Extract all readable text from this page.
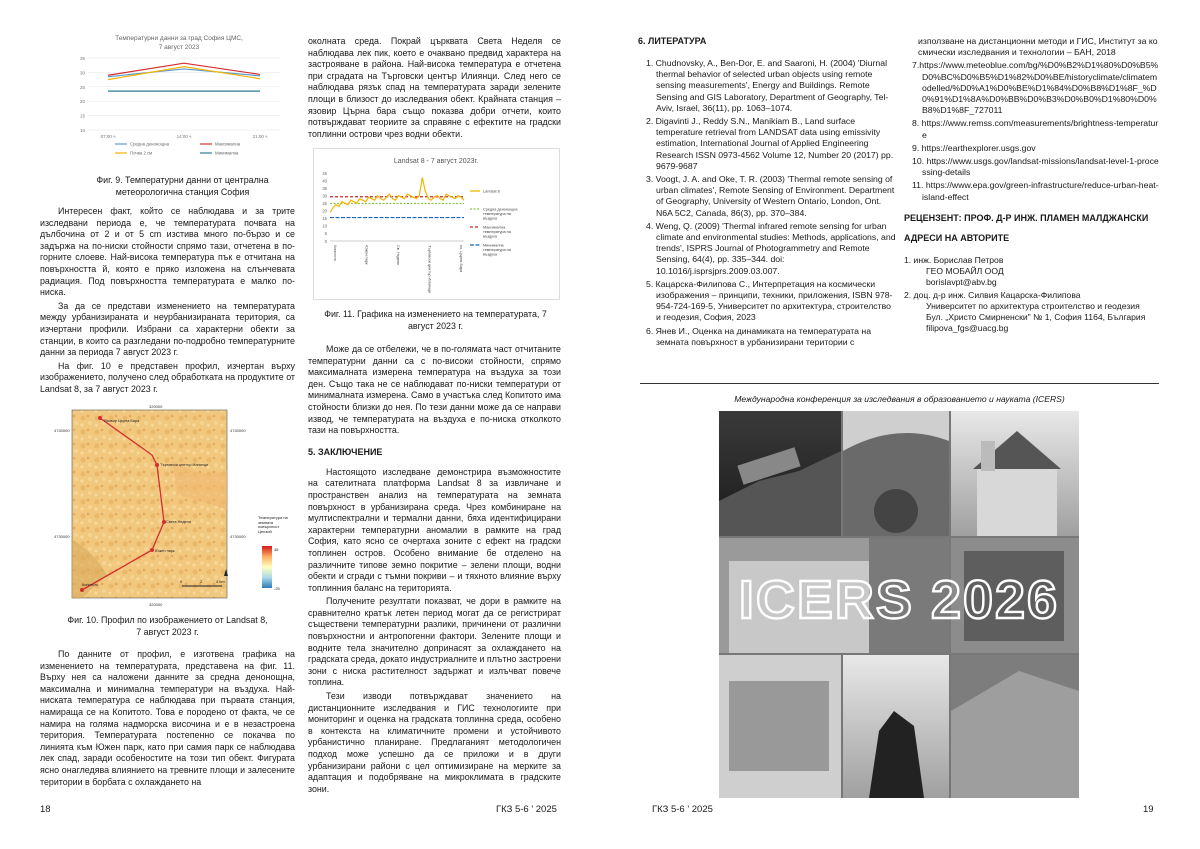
Температурни данни за град София ЦМС,
7 август 2023
35
30
25
20
15
10
07:00 ч	14:00 ч	21:00 ч
Средна денонощна	Максимална
Почва 2 см	Минимална

Фиг. 9. Температурни данни от централна

метеорологична станция София

Интересен факт, който се наблюдава и за трите изследвани периода е, че температурата почвата на дълбочина от 2 и от 5 cm изстива много по-бързо и се задържа на по-ниски стойности спрямо тази, отчетена в по-горните слоеве. Най-висока температура пък е отчитана на повърхността й, която е пряко изложена на слънчевата радиация. Под повърхността температурата е малко по-ниска.

За да се представи изменението на температурата между урбанизираната и неурбанизираната територия, са изчертани профили. Избрани са характерни обекти за станции, в които са разгледани по-подробно температурните данни за периода 7 август 2023 г.

На фиг. 10 е представен профил, изчертан върху изображението, получено след обработката на продуктите от Landsat 8, за 7 август 2023 г.

Язовир Църна Бара
Търговски център Илиянци
Света Неделя
Южен парк
Копитото
320000
320000
4740000
4730000
4740000
4730000
Температура на земната повърхност Целзий
45
-25
0	2	4 km

Фиг. 10. Профил по изображението от Landsat 8,

7 август 2023 г.

По данните от профил, е изготвена графика на изменението на температурата, представена на фиг. 11. Върху нея са наложени данните за средна денонощна, максимална и минимална температури на въздуха. Най-ниската температура се наблюдава при първата станция, намираща се на Копитото. Това е породено от факта, че се намира на голяма надморска височина и е в незастроена територия. Температурата постепенно се покачва по линията към Южен парк, като при самия парк се наблюдава лек спад, заради особеностите на този тип обект. Фигурата ясно онагледява влиянието на тревните площи и залесените територии в борбата с охлаждането на

околната среда. Покрай църквата Света Неделя се наблюдава лек пик, което е очаквано предвид характера на застрояване в района. Най-висока температура е отчетена при сградата на Търговски център Илиянци. След него се наблюдава рязък спад на температурата заради зелените площи в близост до изследвания обект. Крайната станция – язовир Църна бара също показва добри отчети, които потвърждават теориите за справяне с ефектите на градски топлинни острови чрез водни обекти.

Landsat 8 - 7 август 2023г.
45
40
35
30
25
20
15
10
5
0
Копитото	Южен парк	Св. Неделя	Търговски център Илиянци	яз. Църна Бара
Landsat 8
Средна денонощна температура на въздуха
Максимална температура на въздуха
Минимална температура на въздуха

Фиг. 11. Графика на изменението на температурата, 7

август 2023 г.

Може да се отбележи, че в по-голямата част отчитаните температурни данни са с по-високи стойности, спрямо максималната измерена температура на въздуха за този ден. Също така не се наблюдават по-ниски температури от минималната измерена. Само в участъка след Копитото има стойности близки до нея. По тези данни може да се направи извод, че температурата на въздуха е по-ниска отколкото тази на повърхността.

5. ЗАКЛЮЧЕНИЕ

Настоящото изследване демонстрира възможностите на сателитната платформа Landsat 8 за извличане и пространствен анализ на температурата на земната повърхност в урбанизирана среда. Чрез комбиниране на мултиспектрални и термални данни, бяха идентифицирани характерни температурни аномалии в рамките на град София, като ясно се очертаха зоните с ефект на градски топлинен остров. Особено внимание бе отделено на различните типове земно покритие – зелени площи, водни обекти и сгради с тъмни покриви – и тяхното влияние върху топлинния баланс на територията.

Получените резултати показват, че дори в рамките на сравнително кратък летен период могат да се регистрират съществени температурни разлики, причинени от различни повърхностни и антропогенни фактори. Зелените площи и водните тела значително допринасят за охлаждането на градската среда, докато индустриалните и плътно застроени зони с ниска растителност задържат и излъчват повече топлина.

Тези изводи потвърждават значението на дистанционните изследвания и ГИС технологиите при мониторинг и оценка на градската топлинна среда, особено в контекста на климатичните промени и устойчивото урбанистично планиране. Предлаганият методологичен подход може успешно да се приложи и в други урбанизирани райони с цел оптимизиране на мерките за адаптация и подобряване на микроклимата в градските зони.

18	ГКЗ 5-6 ' 2025

6. ЛИТЕРАТУРА

1. Chudnovsky, A., Ben-Dor, E. and Saaroni, H. (2004) 'Diurnal thermal behavior of selected urban objects using remote sensing measurements', Energy and Buildings. Remote Sensing and GIS Laboratory, Department of Geography, Tel-Aviv, Israel, 36(11), pp. 1063–1074.

2. Digavinti J., Reddy S.N., Manikiam B., Land surface temperature retrieval from LANDSAT data using emissivity estimation, International Journal of Applied Engineering Research ISSN 0973-4562 Volume 12, Number 20 (2017) pp. 9679-9687

3. Voogt, J. A. and Oke, T. R. (2003) 'Thermal remote sensing of urban climates', Remote Sensing of Environment. Department of Geography, University of Western Ontario, London, Ont. N6A 5C2, Canada, 86(3), pp. 370–384.

4. Weng, Q. (2009) 'Thermal infrared remote sensing for urban climate and environmental studies: Methods, applications, and trends', ISPRS Journal of Photogrammetry and Remote Sensing, 64(4), pp. 335–344. doi: 10.1016/j.isprsjprs.2009.03.007.

5. Кацарска-Филипова С., Интерпретация на космически изображения – принципи, техники, приложения, ISBN 978-954-724-169-5, Университет по архитектура, строителство и геодезия, София, 2023

6. Янев И., Оценка на динамиката на температурата на земната повърхност в урбанизирани територии с

използване на дистанционни методи и ГИС, Институт за космически изследвания и технологии – БАН, 2018

7.https://www.meteoblue.com/bg/%D0%B2%D1%80%D0%B5%D0%BC%D0%B5%D1%82%D0%BE/historyclimate/climatemodelled/%D0%A1%D0%BE%D1%84%D0%B8%D1%8F_%D0%91%D1%8A%D0%BB%D0%B3%D0%B0%D1%80%D0%B8%D1%8F_727011

8. https://www.remss.com/measurements/brightness-temperature

9. https://earthexplorer.usgs.gov

10. https://www.usgs.gov/landsat-missions/landsat-level-1-processing-details

11. https://www.epa.gov/green-infrastructure/reduce-urban-heat-island-effect

РЕЦЕНЗЕНТ: ПРОФ. Д-Р ИНЖ. ПЛАМЕН МАЛДЖАНСКИ

АДРЕСИ НА АВТОРИТЕ

1. инж. Борислав Петров
ГЕО МОБАЙЛ ООД
borislavpt@abv.bg
2. доц. д-р инж. Силвия Кацарска-Филипова
Университет по архитектура строителство и геодезия
Бул. „Христо Смирненски" № 1, София 1164, България
filipova_fgs@uacg.bg
Международна конференция за изследвания в образованието и науката (ICERS)
ICERS 2026
ГКЗ 5-6 ' 2025	19
